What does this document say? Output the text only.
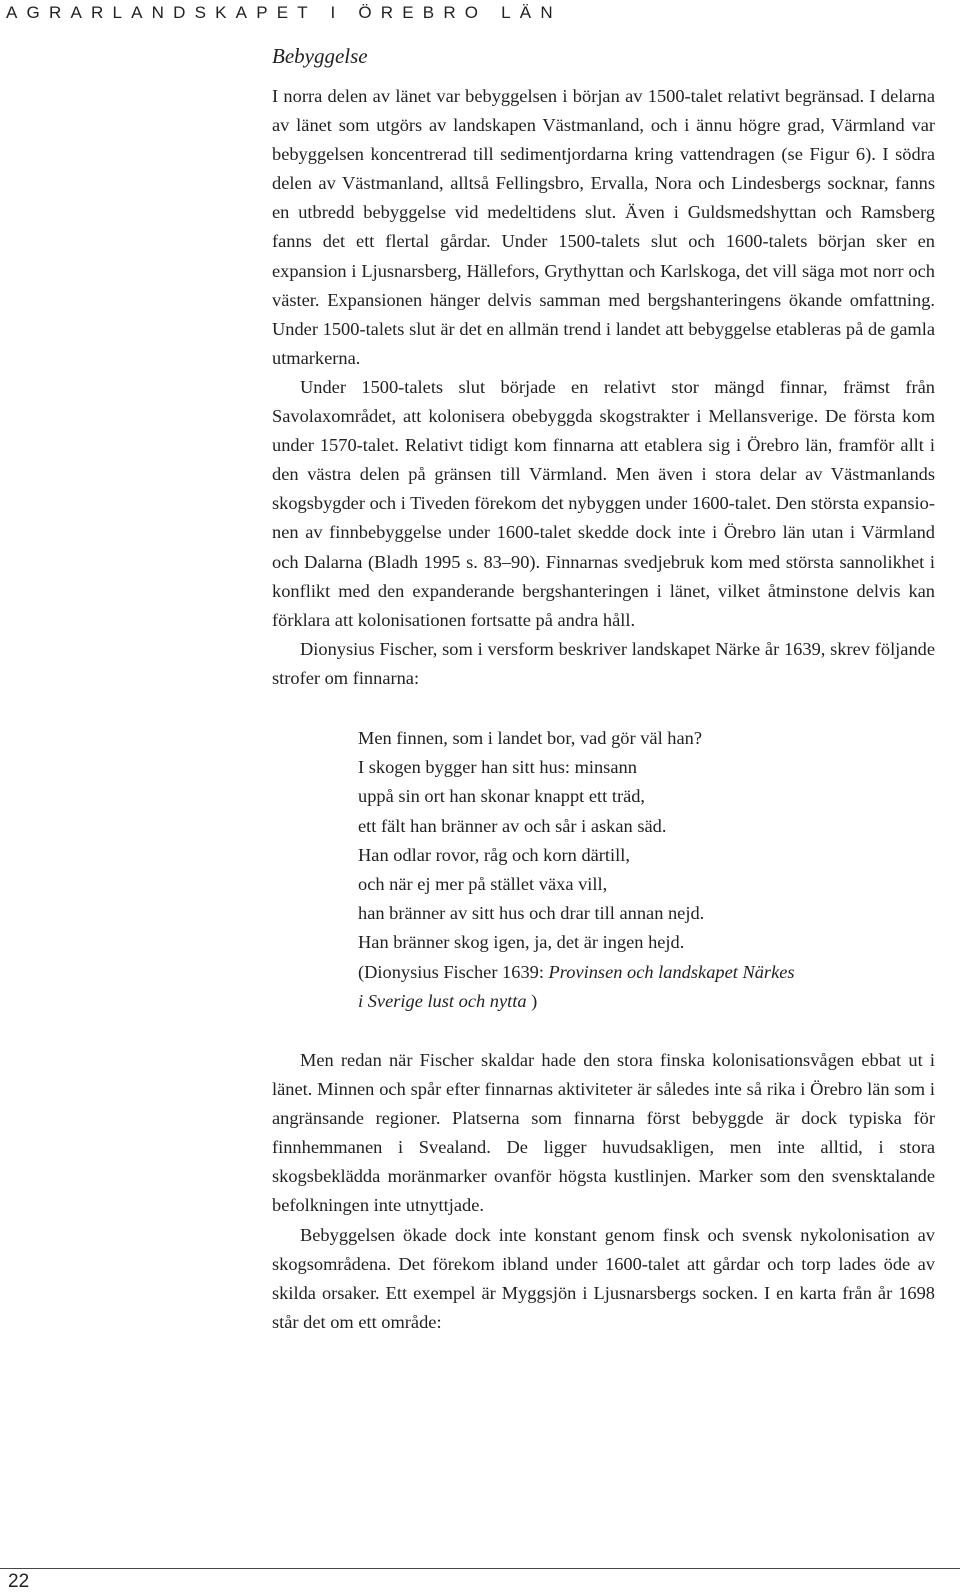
AGRARLANDSKAPET I ÖREBRO LÄN
Bebyggelse

I norra delen av länet var bebyggelsen i början av 1500-talet relativt begränsad. I delarna av länet som utgörs av landskapen Västmanland, och i ännu högre grad, Värmland var bebyggelsen koncentrerad till sedimentjordarna kring vattendragen (se Figur 6). I södra delen av Västmanland, alltså Fellingsbro, Ervalla, Nora och Lindesbergs socknar, fanns en utbredd bebyggelse vid medeltidens slut. Även i Guldsmedshyttan och Ramsberg fanns det ett flertal gårdar. Under 1500-talets slut och 1600-talets början sker en expansion i Ljusnarsberg, Hällefors, Grythyttan och Karlskoga, det vill säga mot norr och väster. Expansionen hänger delvis samman med bergshanteringens ökande omfattning. Under 1500-talets slut är det en allmän trend i landet att bebyggelse etableras på de gamla utmarkerna.

Under 1500-talets slut började en relativt stor mängd finnar, främst från Savolaxområdet, att kolonisera obebyggda skogstrakter i Mellansverige. De första kom under 1570-talet. Relativt tidigt kom finnarna att etablera sig i Örebro län, framför allt i den västra delen på gränsen till Värmland. Men även i stora delar av Västmanlands skogsbygder och i Tiveden förekom det nybyggen under 1600-talet. Den största expansionen av finnbebyggelse under 1600-talet skedde dock inte i Örebro län utan i Värmland och Dalarna (Bladh 1995 s. 83–90). Finnarnas svedjebruk kom med största sannolikhet i konflikt med den expanderande bergshanteringen i länet, vilket åtminstone delvis kan förklara att kolonisationen fortsatte på andra håll.

Dionysius Fischer, som i versform beskriver landskapet Närke år 1639, skrev följande strofer om finnarna:

Men finnen, som i landet bor, vad gör väl han?
I skogen bygger han sitt hus: minsann
uppå sin ort han skonar knappt ett träd,
ett fält han bränner av och sår i askan säd.
Han odlar rovor, råg och korn därtill,
och när ej mer på stället växa vill,
han bränner av sitt hus och drar till annan nejd.
Han bränner skog igen, ja, det är ingen hejd.
(Dionysius Fischer 1639: Provinsen och landskapet Närkes
i Sverige lust och nytta )

Men redan när Fischer skaldar hade den stora finska kolonisationsvågen ebbat ut i länet. Minnen och spår efter finnarnas aktiviteter är således inte så rika i Örebro län som i angränsande regioner. Platserna som finnarna först bebyggde är dock typiska för finnhemmanen i Svealand. De ligger huvudsakligen, men inte alltid, i stora skogsbeklädda moränmarker ovanför högsta kustlinjen. Marker som den svensktalande befolkningen inte utnyttjade.

Bebyggelsen ökade dock inte konstant genom finsk och svensk nykolonisation av skogsområdena. Det förekom ibland under 1600-talet att gårdar och torp lades öde av skilda orsaker. Ett exempel är Myggsjön i Ljusnarsbergs socken. I en karta från år 1698 står det om ett område:

22
